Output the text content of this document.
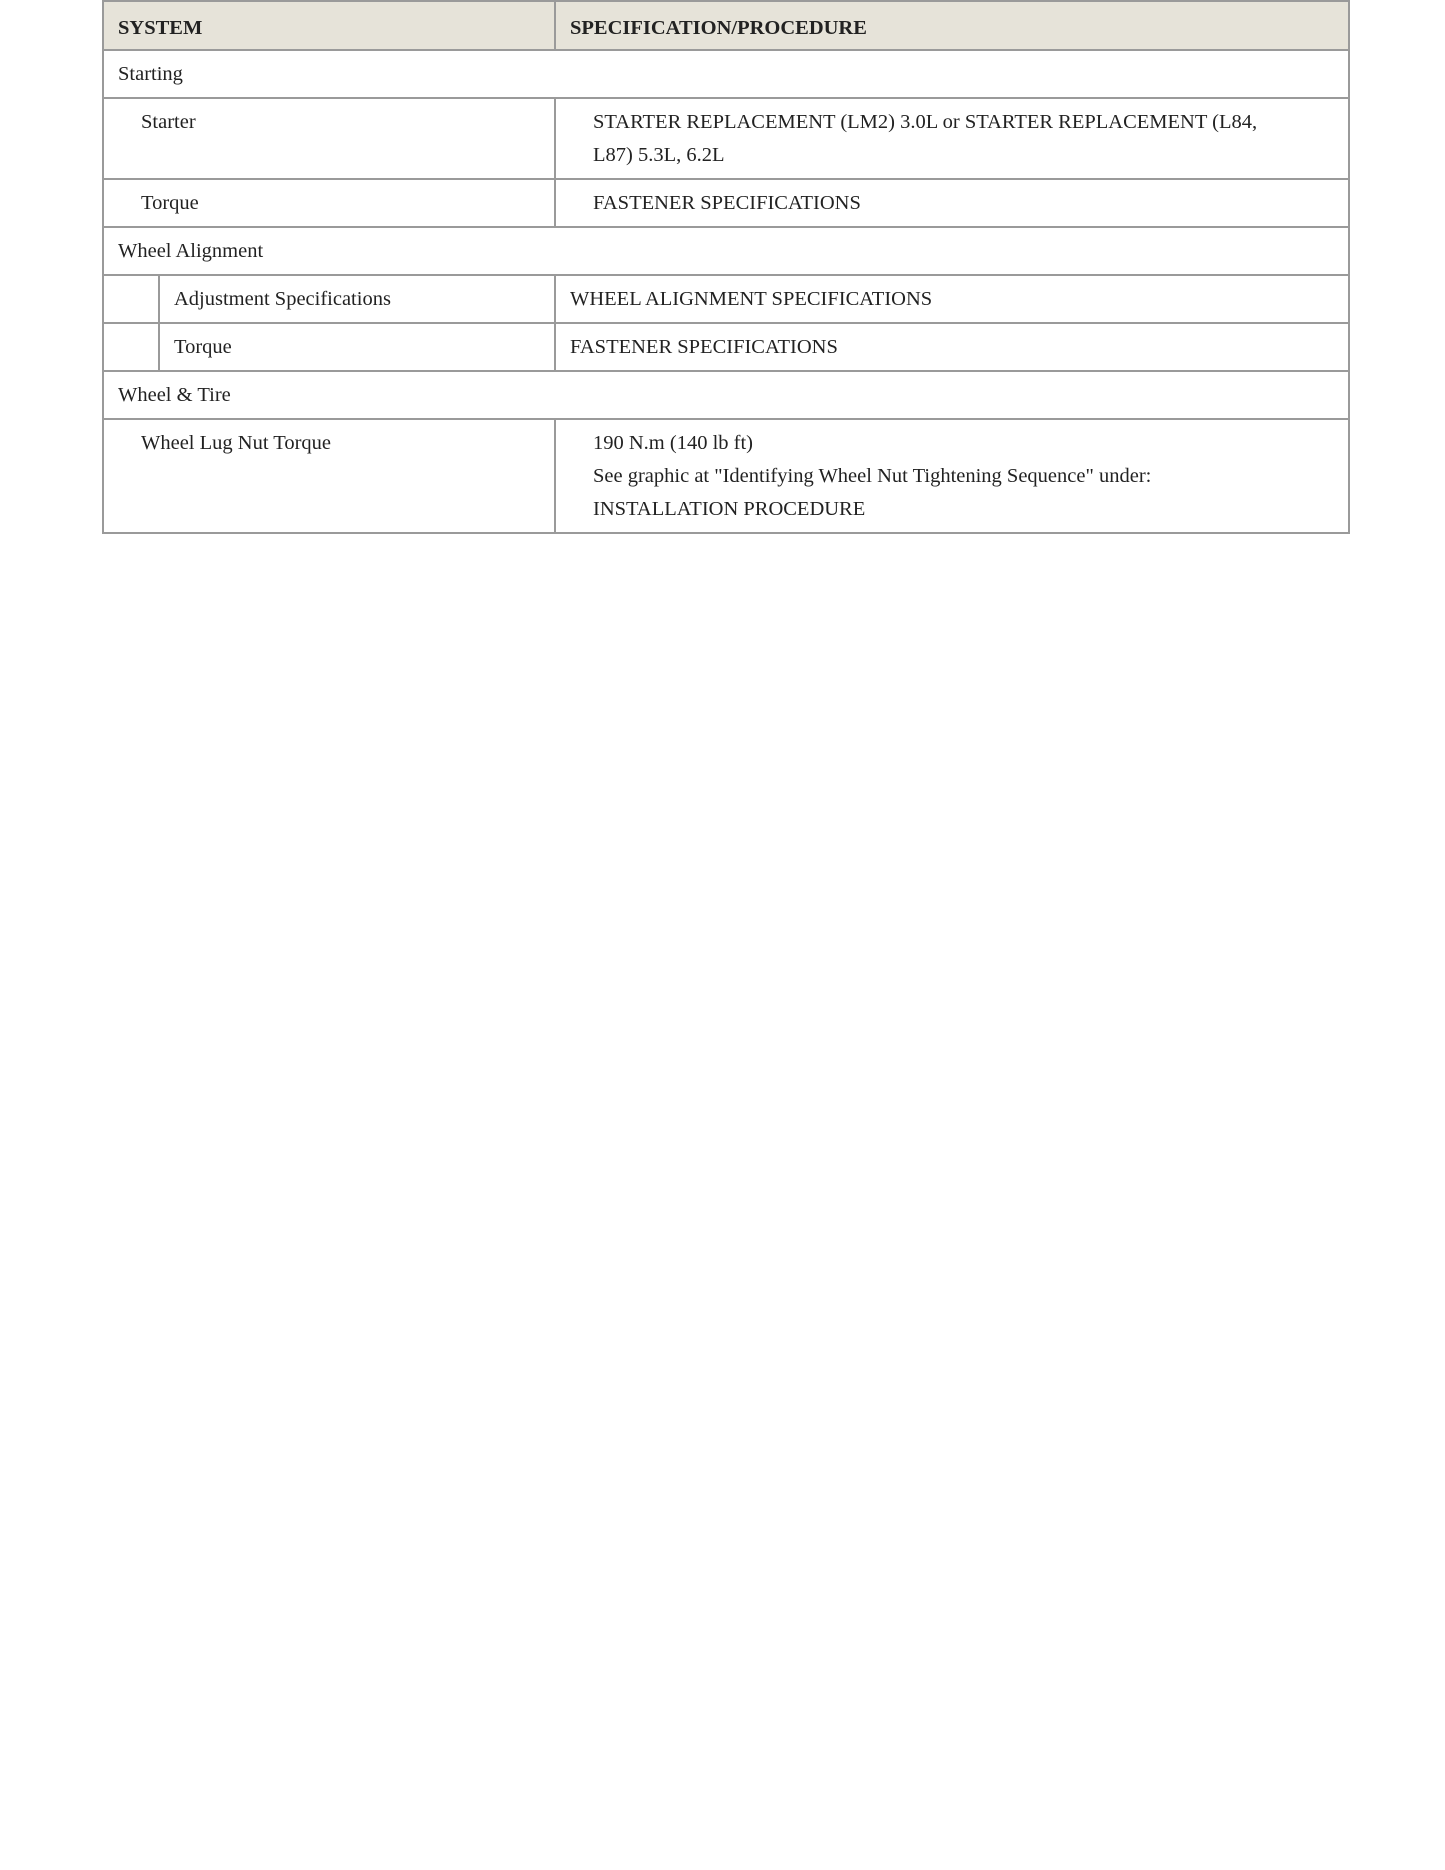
SYSTEM		SPECIFICATION/PROCEDURE
Starting		
Starter		STARTER REPLACEMENT (LM2) 3.0L or STARTER REPLACEMENT (L84,
L87) 5.3L, 6.2L

Torque		FASTENER SPECIFICATIONS

Wheel Alignment		
	Adjustment Specifications	WHEEL ALIGNMENT SPECIFICATIONS

	Torque	FASTENER SPECIFICATIONS

Wheel & Tire		
Wheel Lug Nut Torque		190 N.m (140 lb ft)
See graphic at "Identifying Wheel Nut Tightening Sequence" under:
INSTALLATION PROCEDURE
